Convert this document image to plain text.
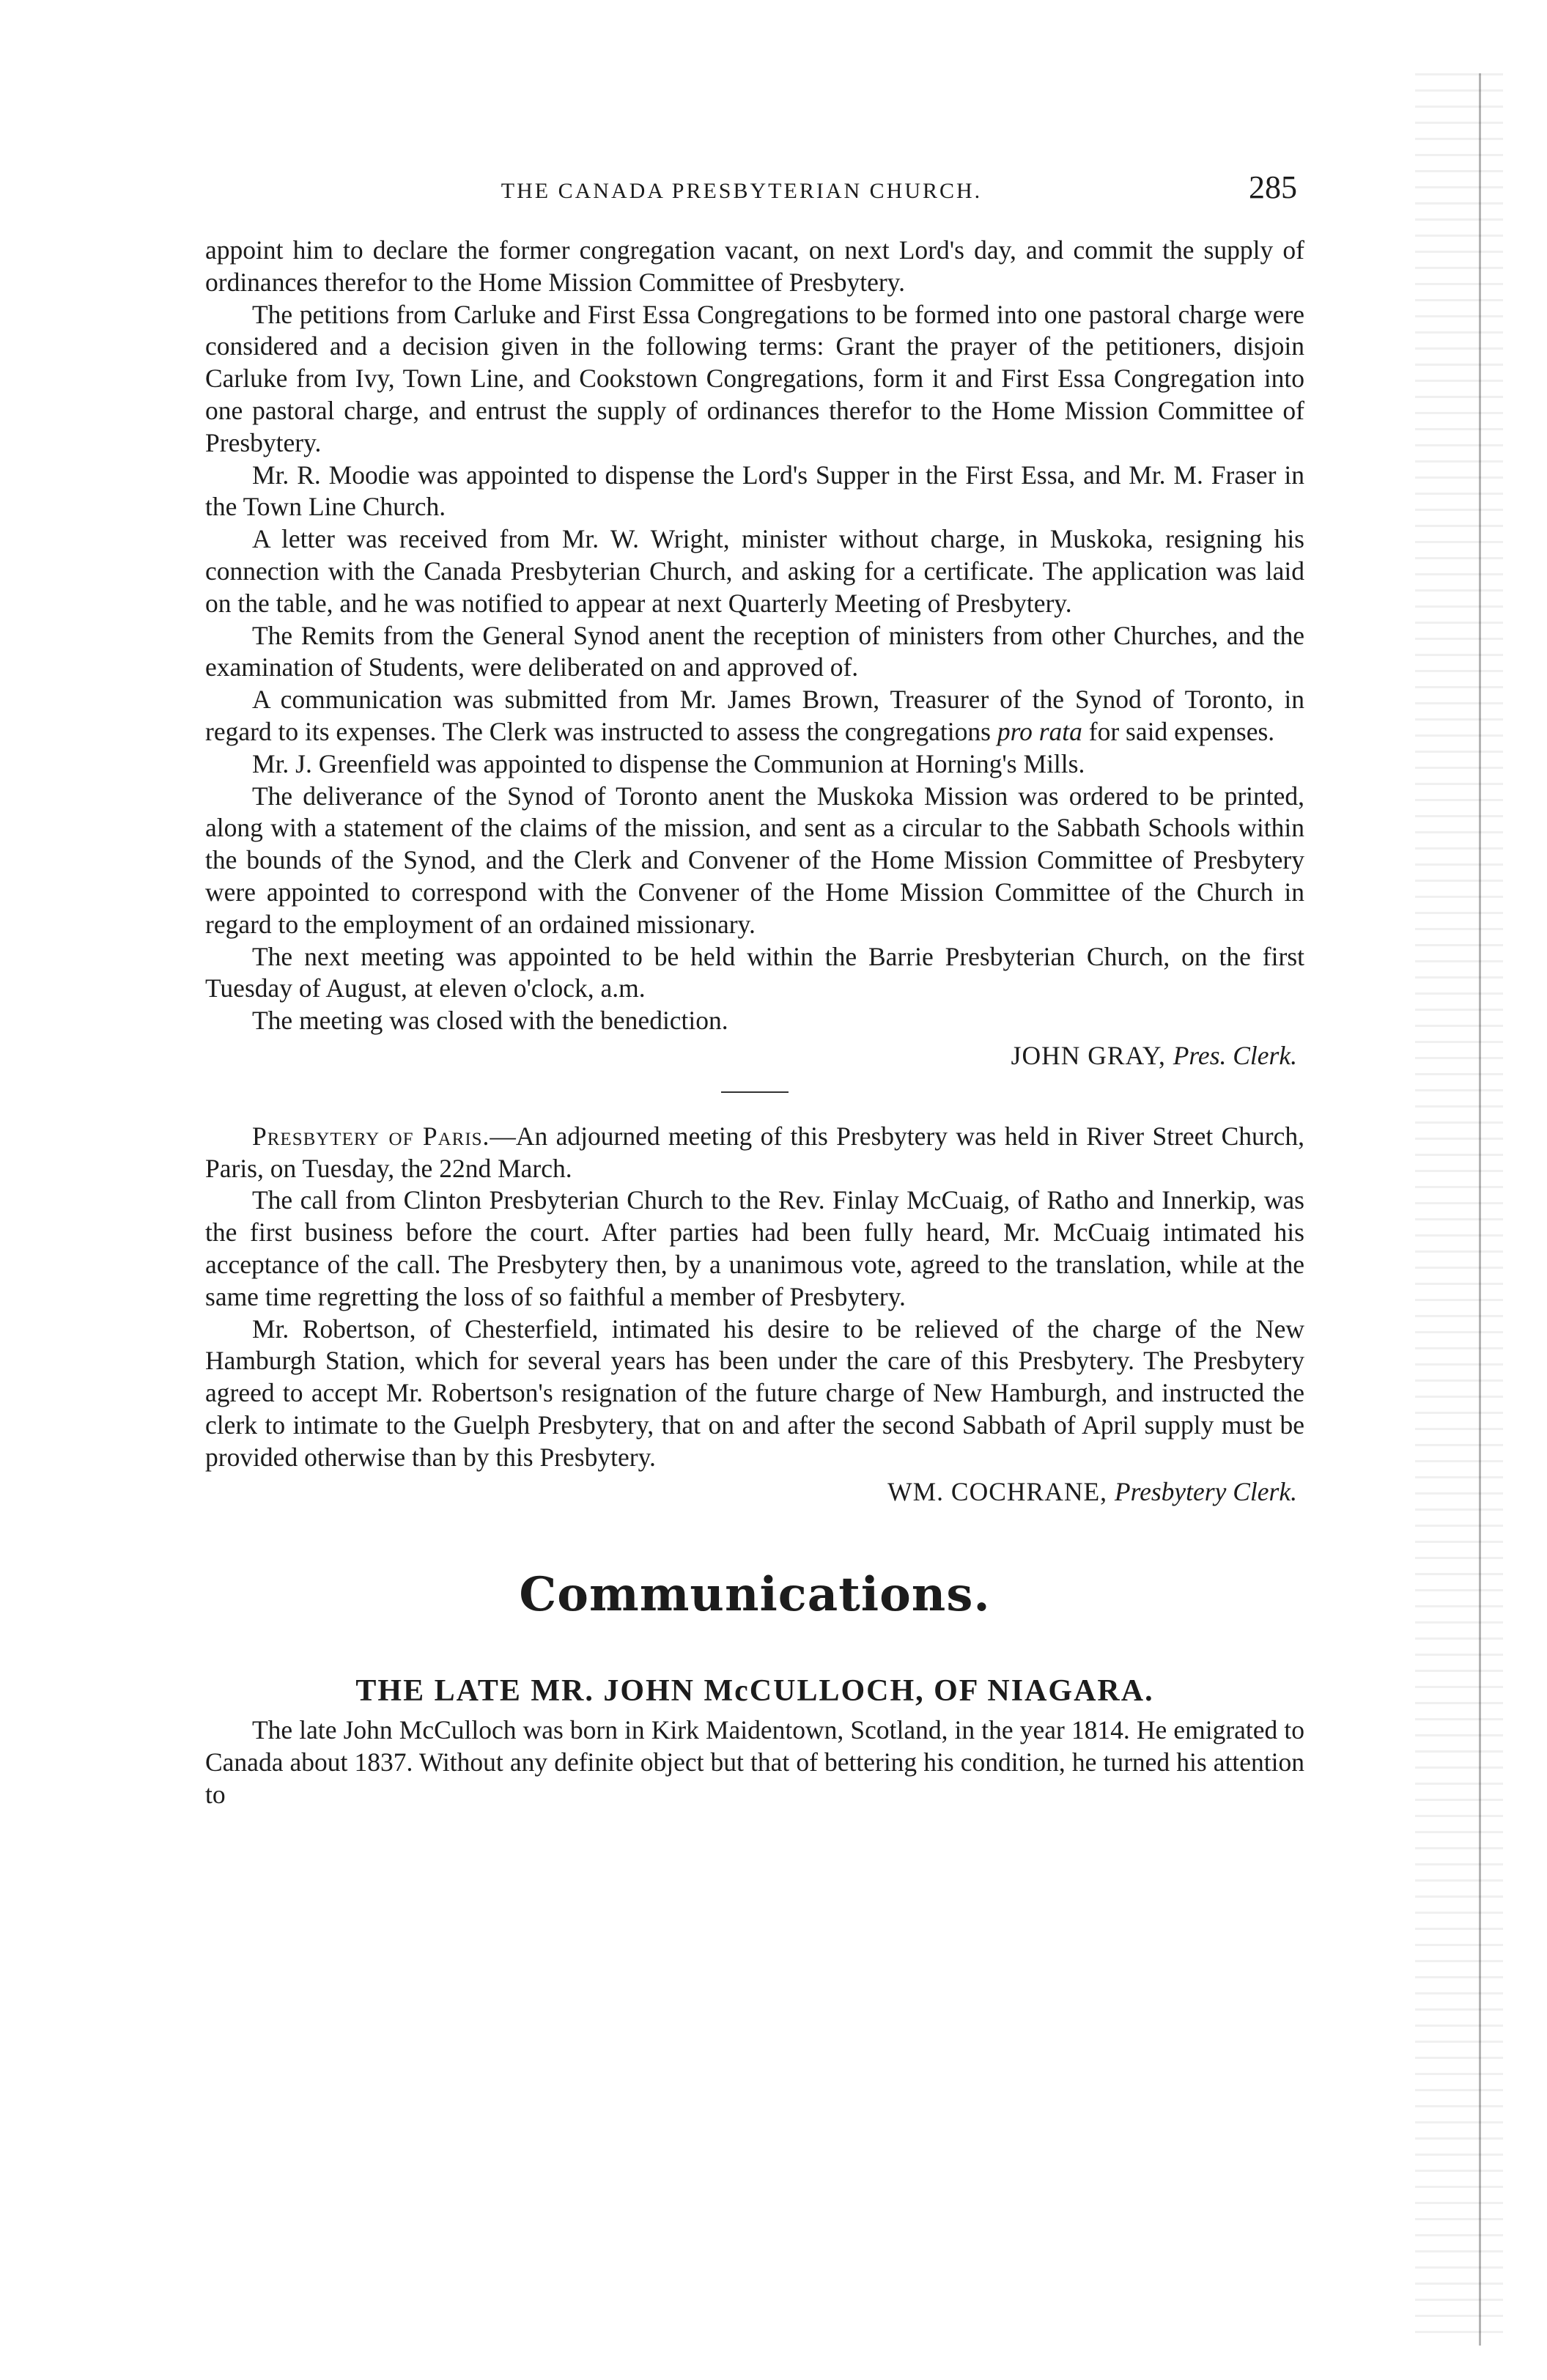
THE CANADA PRESBYTERIAN CHURCH.	285

appoint him to declare the former congregation vacant, on next Lord's day, and commit the supply of ordinances therefor to the Home Mission Committee of Presbytery.

The petitions from Carluke and First Essa Congregations to be formed into one pastoral charge were considered and a decision given in the following terms: Grant the prayer of the petitioners, disjoin Carluke from Ivy, Town Line, and Cookstown Congregations, form it and First Essa Congregation into one pastoral charge, and entrust the supply of ordinances therefor to the Home Mission Committee of Presbytery.

Mr. R. Moodie was appointed to dispense the Lord's Supper in the First Essa, and Mr. M. Fraser in the Town Line Church.

A letter was received from Mr. W. Wright, minister without charge, in Muskoka, resigning his connection with the Canada Presbyterian Church, and asking for a certificate. The application was laid on the table, and he was notified to appear at next Quarterly Meeting of Presbytery.

The Remits from the General Synod anent the reception of ministers from other Churches, and the examination of Students, were deliberated on and approved of.

A communication was submitted from Mr. James Brown, Treasurer of the Synod of Toronto, in regard to its expenses. The Clerk was instructed to assess the congregations pro rata for said expenses.

Mr. J. Greenfield was appointed to dispense the Communion at Horning's Mills.

The deliverance of the Synod of Toronto anent the Muskoka Mission was ordered to be printed, along with a statement of the claims of the mission, and sent as a circular to the Sabbath Schools within the bounds of the Synod, and the Clerk and Convener of the Home Mission Committee of Presbytery were appointed to correspond with the Convener of the Home Mission Committee of the Church in regard to the employment of an ordained missionary.

The next meeting was appointed to be held within the Barrie Presbyterian Church, on the first Tuesday of August, at eleven o'clock, a.m.

The meeting was closed with the benediction.

JOHN GRAY, Pres. Clerk.

Presbytery of Paris.—An adjourned meeting of this Presbytery was held in River Street Church, Paris, on Tuesday, the 22nd March.

The call from Clinton Presbyterian Church to the Rev. Finlay McCuaig, of Ratho and Innerkip, was the first business before the court. After parties had been fully heard, Mr. McCuaig intimated his acceptance of the call. The Presbytery then, by a unanimous vote, agreed to the translation, while at the same time regretting the loss of so faithful a member of Presbytery.

Mr. Robertson, of Chesterfield, intimated his desire to be relieved of the charge of the New Hamburgh Station, which for several years has been under the care of this Presbytery. The Presbytery agreed to accept Mr. Robertson's resignation of the future charge of New Hamburgh, and instructed the clerk to intimate to the Guelph Presbytery, that on and after the second Sabbath of April supply must be provided otherwise than by this Presbytery.

WM. COCHRANE, Presbytery Clerk.

Communications.
THE LATE MR. JOHN McCULLOCH, OF NIAGARA.

The late John McCulloch was born in Kirk Maidentown, Scotland, in the year 1814. He emigrated to Canada about 1837. Without any definite object but that of bettering his condition, he turned his attention to
